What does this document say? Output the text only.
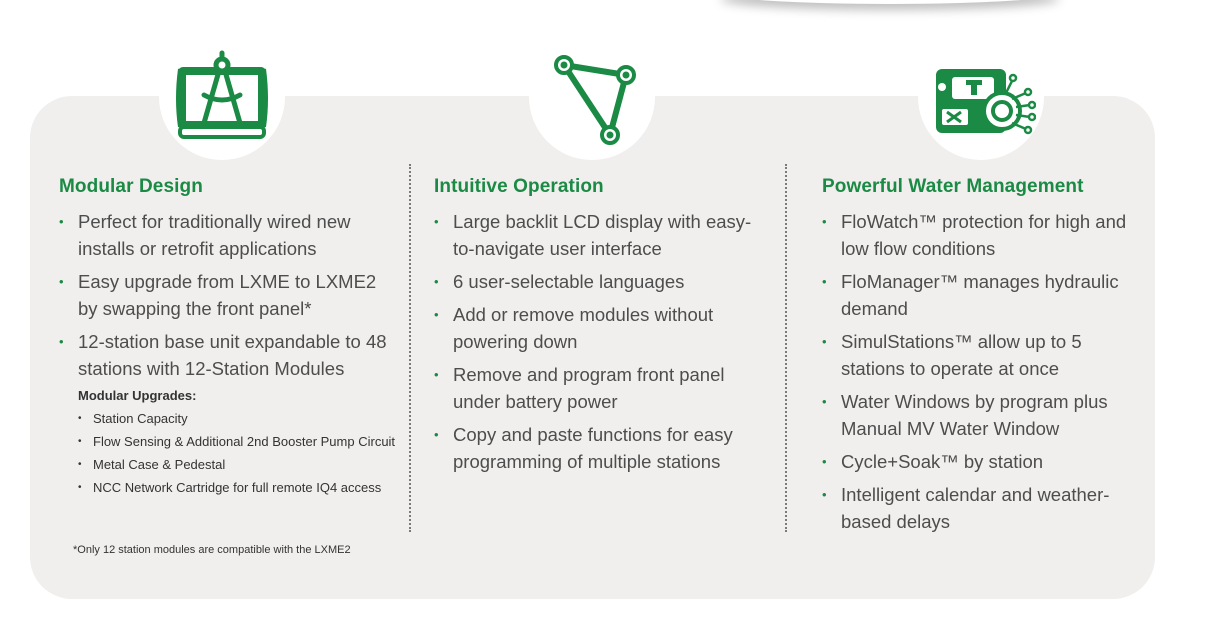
Modular Design
• Perfect for traditionally wired new installs or retrofit applications
• Easy upgrade from LXME to LXME2 by swapping the front panel*
• 12-station base unit expandable to 48 stations with 12-Station Modules
Modular Upgrades:
• Station Capacity
• Flow Sensing & Additional 2nd Booster Pump Circuit
• Metal Case & Pedestal
• NCC Network Cartridge for full remote IQ4 access
*Only 12 station modules are compatible with the LXME2
Intuitive Operation
• Large backlit LCD display with easy-to-navigate user interface
• 6 user-selectable languages
• Add or remove modules without powering down
• Remove and program front panel under battery power
• Copy and paste functions for easy programming of multiple stations
Powerful Water Management
• FloWatch™ protection for high and low flow conditions
• FloManager™ manages hydraulic demand
• SimulStations™ allow up to 5 stations to operate at once
• Water Windows by program plus Manual MV Water Window
• Cycle+Soak™ by station
• Intelligent calendar and weather-based delays
